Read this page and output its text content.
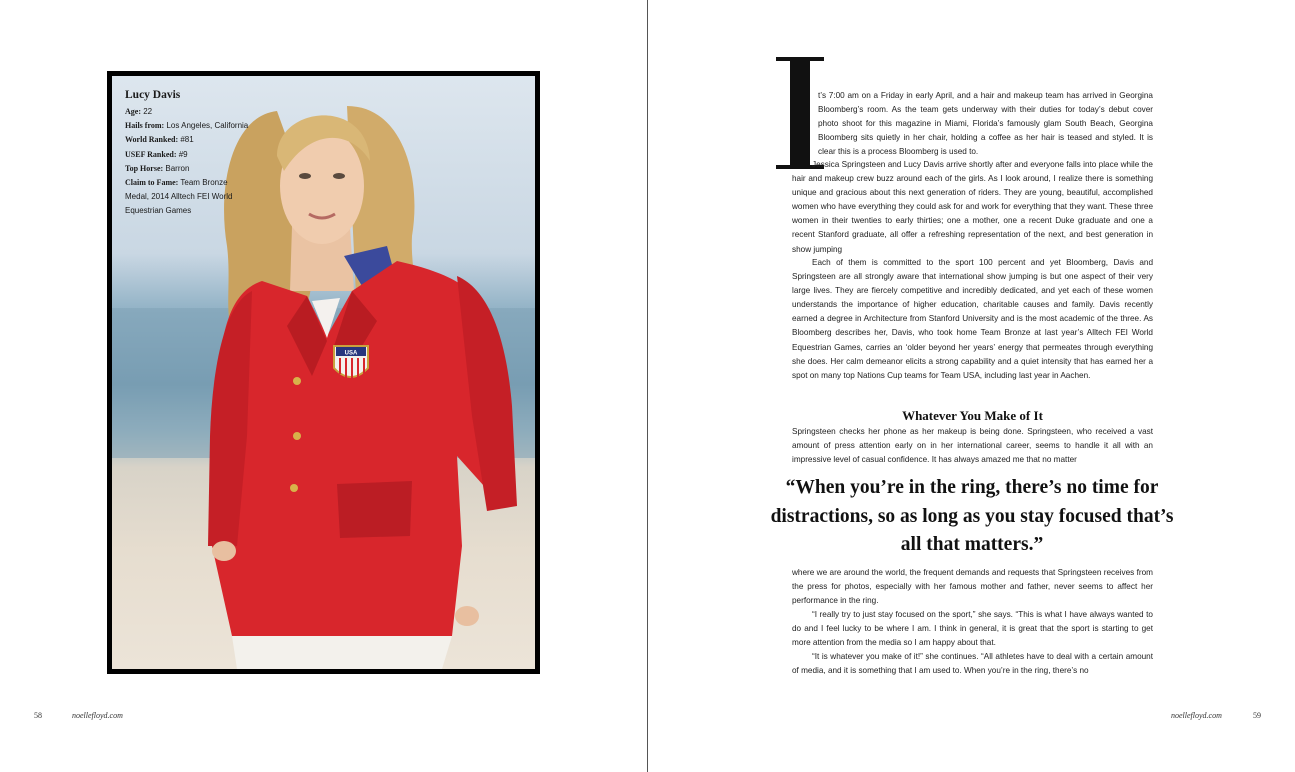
USA
Lucy Davis
Age: 22
Hails from: Los Angeles, California
World Ranked: #81
USEF Ranked: #9
Top Horse: Barron
Claim to Fame: Team Bronze
Medal, 2014 Alltech FEI World
Equestrian Games
58	noellefloyd.com
t’s 7:00 am on a Friday in early April, and a hair and makeup team has arrived in Georgina Bloomberg’s room. As the team gets underway with their duties for today’s debut cover photo shoot for this magazine in Miami, Florida’s famously glam South Beach, Georgina Bloomberg sits quietly in her chair, holding a coffee as her hair is teased and styled. It is clear this is a process Bloomberg is used to.
Jessica Springsteen and Lucy Davis arrive shortly after and everyone falls into place while the hair and makeup crew buzz around each of the girls. As I look around, I realize there is something unique and gracious about this next generation of riders. They are young, beautiful, accomplished women who have everything they could ask for and work for everything that they want. These three women in their twenties to early thirties; one a mother, one a recent Duke graduate and one a recent Stanford graduate, all offer a refreshing representation of the next, and best generation in show jumping
Each of them is committed to the sport 100 percent and yet Bloomberg, Davis and Springsteen are all strongly aware that international show jumping is but one aspect of their very large lives. They are fiercely competitive and incredibly dedicated, and yet each of these women understands the importance of higher education, charitable causes and family. Davis recently earned a degree in Architecture from Stanford University and is the most academic of the three. As Bloomberg describes her, Davis, who took home Team Bronze at last year’s Alltech FEI World Equestrian Games, carries an ‘older beyond her years’ energy that permeates through everything she does. Her calm demeanor elicits a strong capability and a quiet intensity that has earned her a spot on many top Nations Cup teams for Team USA, including last year in Aachen.
Whatever You Make of It
Springsteen checks her phone as her makeup is being done. Springsteen, who received a vast amount of press attention early on in her international career, seems to handle it all with an impressive level of casual confidence. It has always amazed me that no matter
“When you’re in the ring, there’s no time for distractions, so as long as you stay focused that’s all that matters.”
where we are around the world, the frequent demands and requests that Springsteen receives from the press for photos, especially with her famous mother and father, never seems to affect her performance in the ring.
“I really try to just stay focused on the sport,” she says. “This is what I have always wanted to do and I feel lucky to be where I am. I think in general, it is great that the sport is starting to get more attention from the media so I am happy about that.
“It is whatever you make of it!” she continues. “All athletes have to deal with a certain amount of media, and it is something that I am used to. When you’re in the ring, there’s no
noellefloyd.com	59
